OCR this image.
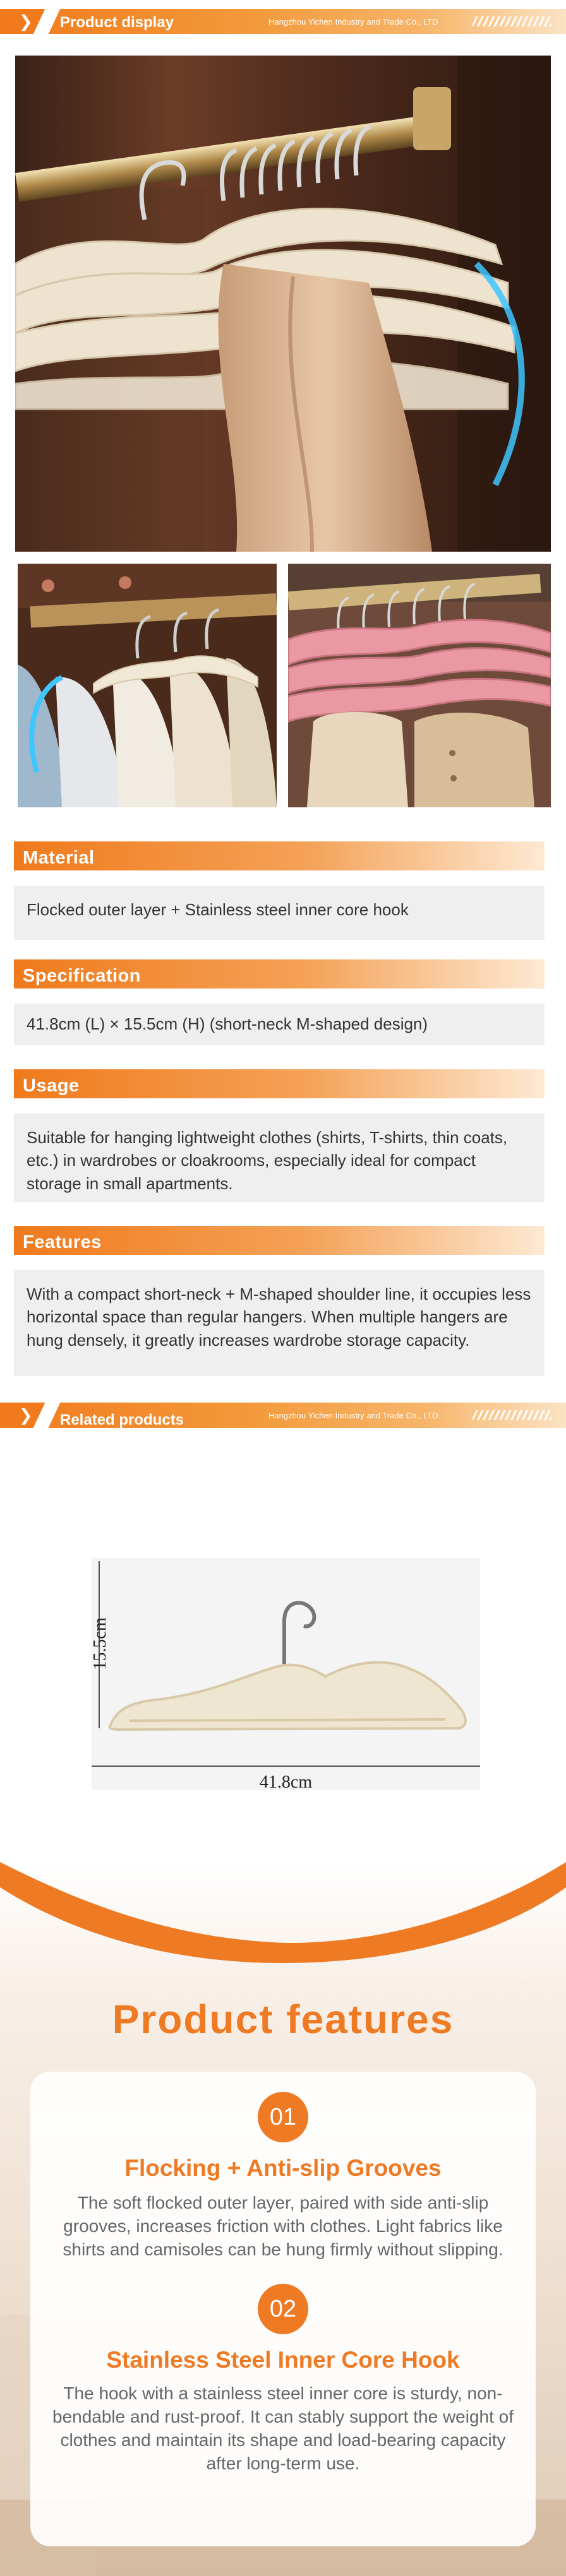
❯ Product display	Hangzhou Yichen Industry and Trade Co., LTD
Material
Flocked outer layer + Stainless steel inner core hook
Specification
41.8cm (L) × 15.5cm (H) (short-neck M-shaped design)
Usage
Suitable for hanging lightweight clothes (shirts, T-shirts, thin coats, etc.) in wardrobes or cloakrooms, especially ideal for compact storage in small apartments.
Features
With a compact short-neck + M-shaped shoulder line, it occupies less horizontal space than regular hangers. When multiple hangers are hung densely, it greatly increases wardrobe storage capacity.
❯ Related products	Hangzhou Yichen Industry and Trade Co., LTD
15.5cm
41.8cm
Product features
01
Flocking + Anti-slip Grooves
The soft flocked outer layer, paired with side anti-slip grooves, increases friction with clothes. Light fabrics like shirts and camisoles can be hung firmly without slipping.
02
Stainless Steel Inner Core Hook
The hook with a stainless steel inner core is sturdy, non-bendable and rust-proof. It can stably support the weight of clothes and maintain its shape and load-bearing capacity after long-term use.
